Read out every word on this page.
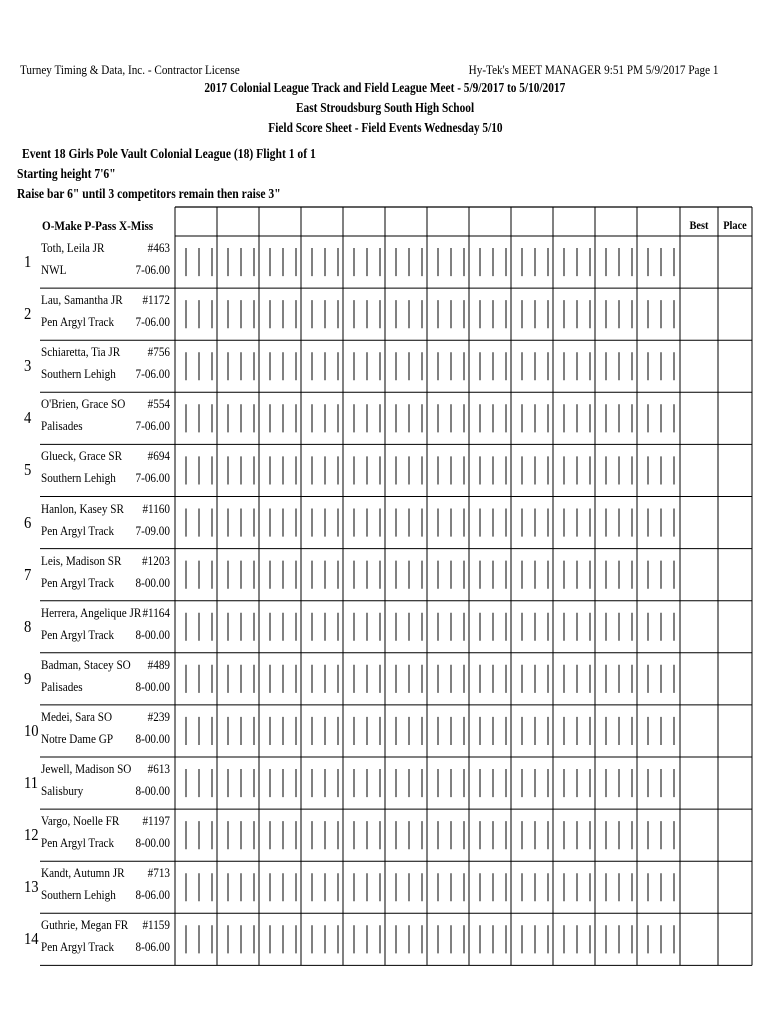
Turney Timing & Data, Inc. - Contractor License	Hy-Tek's MEET MANAGER 9:51 PM 5/9/2017 Page 1
2017 Colonial League Track and Field League Meet - 5/9/2017 to 5/10/2017
East Stroudsburg South High School
Field Score Sheet - Field Events Wednesday 5/10
Event 18 Girls Pole Vault Colonial League (18) Flight 1 of 1
Starting height 7'6"
Raise bar 6" until 3 competitors remain then raise 3"
O-Make P-Pass X-Miss	Best	Place
1
Toth, Leila JR	#463
NWL	7-06.00
2
Lau, Samantha JR	#1172
Pen Argyl Track	7-06.00
3
Schiaretta, Tia JR	#756
Southern Lehigh	7-06.00
4
O'Brien, Grace SO	#554
Palisades	7-06.00
5
Glueck, Grace SR	#694
Southern Lehigh	7-06.00
6
Hanlon, Kasey SR	#1160
Pen Argyl Track	7-09.00
7
Leis, Madison SR	#1203
Pen Argyl Track	8-00.00
8
Herrera, Angelique JR #1164
Pen Argyl Track	8-00.00
9
Badman, Stacey SO	#489
Palisades	8-00.00
10
Medei, Sara SO	#239
Notre Dame GP	8-00.00
11
Jewell, Madison SO	#613
Salisbury	8-00.00
12
Vargo, Noelle FR	#1197
Pen Argyl Track	8-00.00
13
Kandt, Autumn JR	#713
Southern Lehigh	8-06.00
14
Guthrie, Megan FR	#1159
Pen Argyl Track	8-06.00
